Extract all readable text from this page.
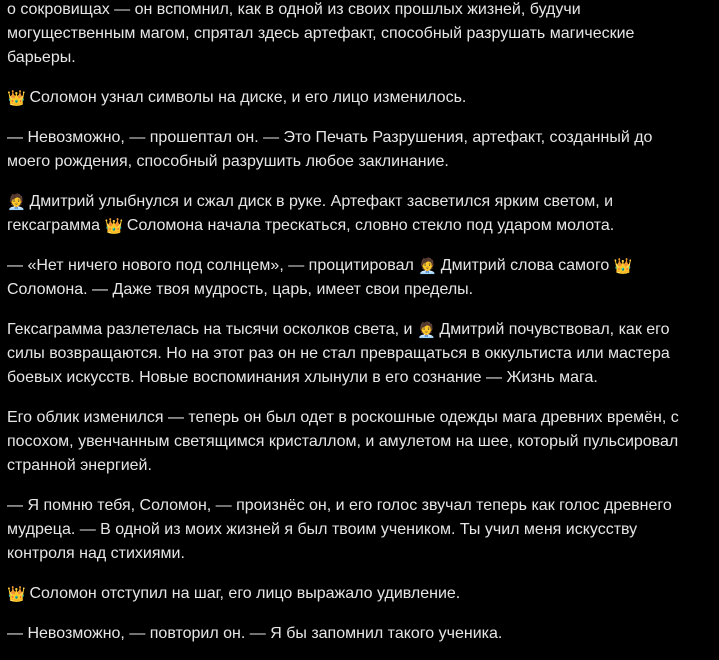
о сокровищах — он вспомнил, как в одной из своих прошлых жизней, будучи могущественным магом, спрятал здесь артефакт, способный разрушать магические барьеры.

👑 Соломон узнал символы на диске, и его лицо изменилось.

— Невозможно, — прошептал он. — Это Печать Разрушения, артефакт, созданный до моего рождения, способный разрушить любое заклинание.

🧑‍💼 Дмитрий улыбнулся и сжал диск в руке. Артефакт засветился ярким светом, и гексаграмма 👑 Соломона начала трескаться, словно стекло под ударом молота.

— «Нет ничего нового под солнцем», — процитировал 🧑‍💼 Дмитрий слова самого 👑 Соломона. — Даже твоя мудрость, царь, имеет свои пределы.

Гексаграмма разлетелась на тысячи осколков света, и 🧑‍💼 Дмитрий почувствовал, как его силы возвращаются. Но на этот раз он не стал превращаться в оккультиста или мастера боевых искусств. Новые воспоминания хлынули в его сознание — Жизнь мага.

Его облик изменился — теперь он был одет в роскошные одежды мага древних времён, с посохом, увенчанным светящимся кристаллом, и амулетом на шее, который пульсировал странной энергией.

— Я помню тебя, Соломон, — произнёс он, и его голос звучал теперь как голос древнего мудреца. — В одной из моих жизней я был твоим учеником. Ты учил меня искусству контроля над стихиями.

👑 Соломон отступил на шаг, его лицо выражало удивление.

— Невозможно, — повторил он. — Я бы запомнил такого ученика.
